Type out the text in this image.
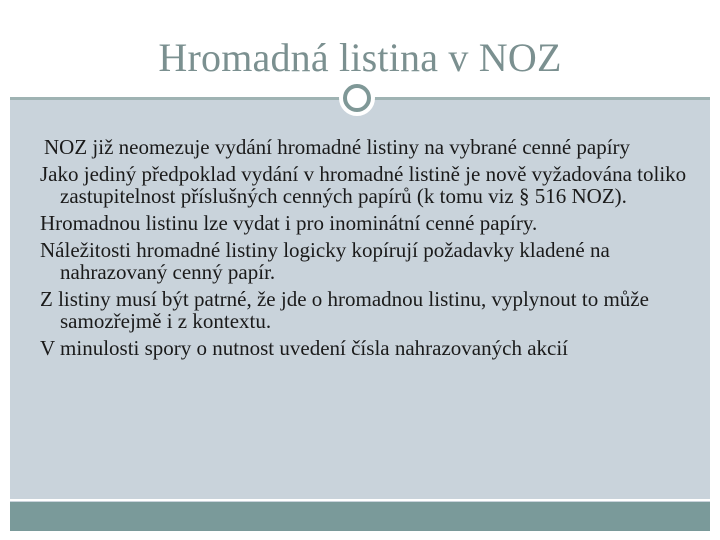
Hromadná listina v NOZ
NOZ již neomezuje vydání hromadné listiny na vybrané cenné papíry
Jako jediný předpoklad vydání v hromadné listině je nově vyžadována toliko zastupitelnost příslušných cenných papírů (k tomu viz § 516 NOZ).
Hromadnou listinu lze vydat i pro inominátní cenné papíry.
Náležitosti hromadné listiny logicky kopírují požadavky kladené na nahrazovaný cenný papír.
Z listiny musí být patrné, že jde o hromadnou listinu, vyplynout to může samozřejmě i z kontextu.
V minulosti spory o nutnost uvedení čísla nahrazovaných akcií
